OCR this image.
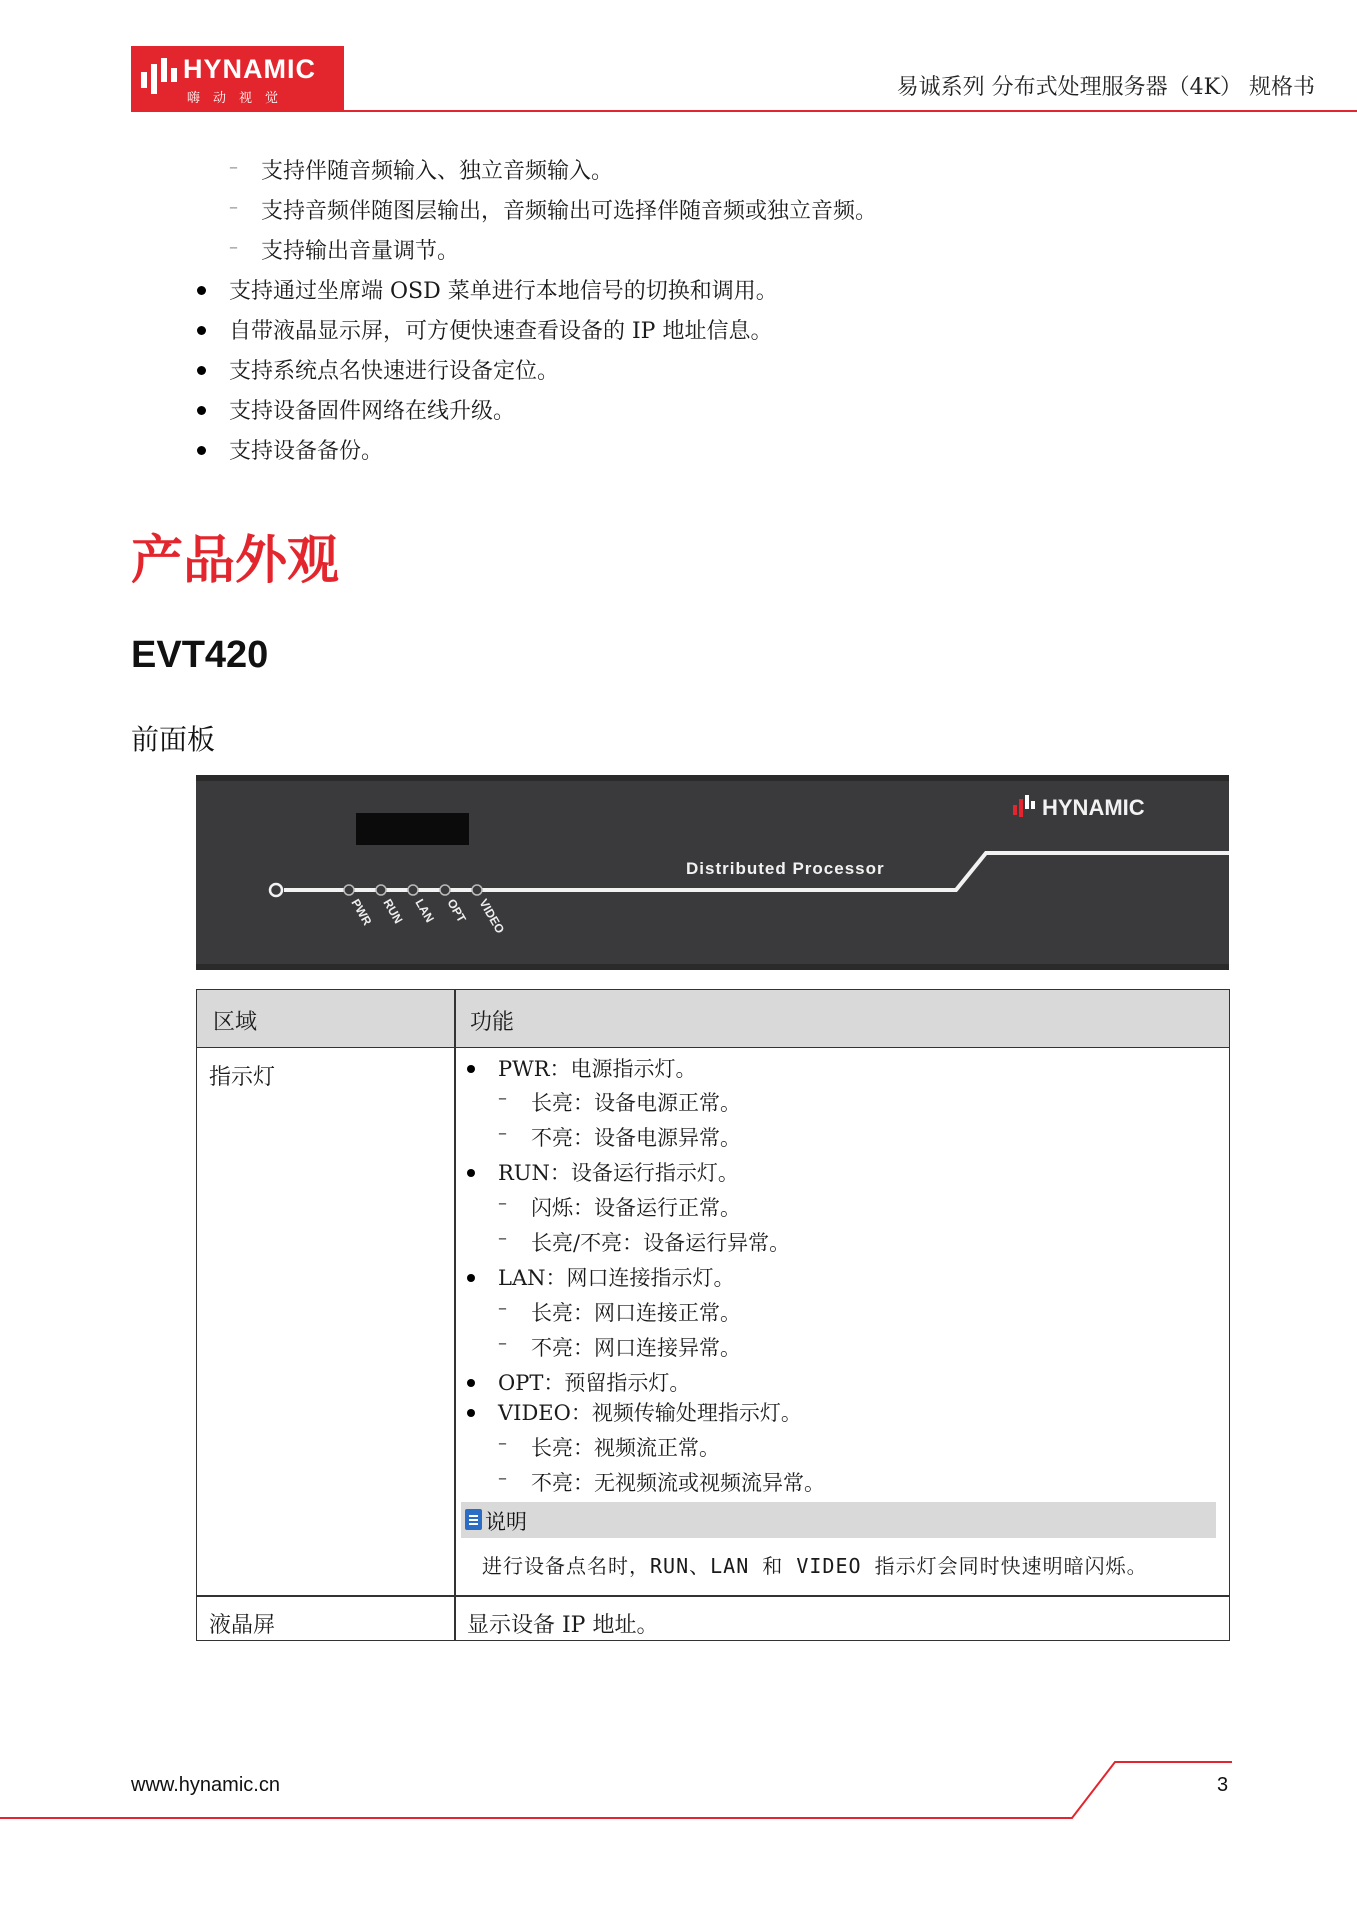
HYNAMIC
嗨动视觉	易诚系列 分布式处理服务器（4K） 规格书
– 支持伴随音频输入、独立音频输入。
– 支持音频伴随图层输出，音频输出可选择伴随音频或独立音频。
– 支持输出音量调节。
支持通过坐席端 OSD 菜单进行本地信号的切换和调用。
自带液晶显示屏，可方便快速查看设备的 IP 地址信息。
支持系统点名快速进行设备定位。
支持设备固件网络在线升级。
支持设备备份。
产品外观
EVT420
前面板
PWR RUN LAN OPT VIDEO
Distributed Processor
HYNAMIC
区域	功能
指示灯	PWR：电源指示灯。
– 长亮：设备电源正常。
– 不亮：设备电源异常。
RUN：设备运行指示灯。
– 闪烁：设备运行正常。
– 长亮/不亮：设备运行异常。
LAN：网口连接指示灯。
– 长亮：网口连接正常。
– 不亮：网口连接异常。
OPT：预留指示灯。
VIDEO：视频传输处理指示灯。
– 长亮：视频流正常。
– 不亮：无视频流或视频流异常。
说明
进行设备点名时，RUN、LAN 和 VIDEO 指示灯会同时快速明暗闪烁。
液晶屏	显示设备 IP 地址。
www.hynamic.cn	3
